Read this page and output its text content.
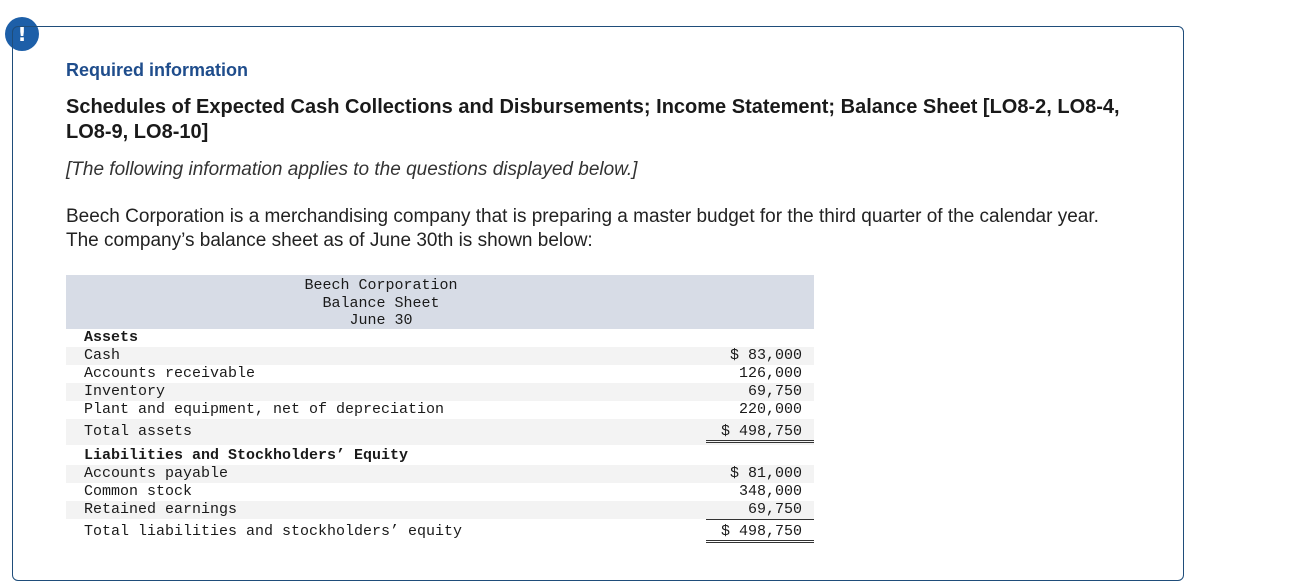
!
Required information
Schedules of Expected Cash Collections and Disbursements; Income Statement; Balance Sheet [LO8-2, LO8-4, LO8-9, LO8-10]
[The following information applies to the questions displayed below.]
Beech Corporation is a merchandising company that is preparing a master budget for the third quarter of the calendar year. The company’s balance sheet as of June 30th is shown below:
Beech Corporation
Balance Sheet
June 30
Assets
Cash	$ 83,000
Accounts receivable	126,000
Inventory	69,750
Plant and equipment, net of depreciation	220,000
Total assets	$ 498,750
Liabilities and Stockholders’ Equity
Accounts payable	$ 81,000
Common stock	348,000
Retained earnings	69,750
Total liabilities and stockholders’ equity	$ 498,750
